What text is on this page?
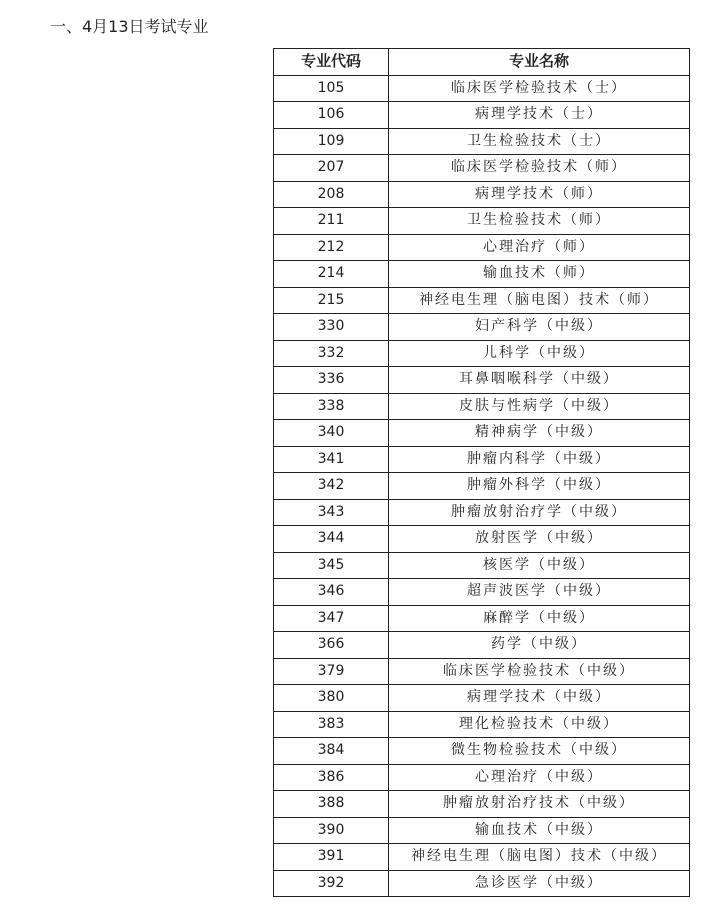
一、4月13日考试专业
专业代码	专业名称
105	临床医学检验技术（士）
106	病理学技术（士）
109	卫生检验技术（士）
207	临床医学检验技术（师）
208	病理学技术（师）
211	卫生检验技术（师）
212	心理治疗（师）
214	输血技术（师）
215	神经电生理（脑电图）技术（师）
330	妇产科学（中级）
332	儿科学（中级）
336	耳鼻咽喉科学（中级）
338	皮肤与性病学（中级）
340	精神病学（中级）
341	肿瘤内科学（中级）
342	肿瘤外科学（中级）
343	肿瘤放射治疗学（中级）
344	放射医学（中级）
345	核医学（中级）
346	超声波医学（中级）
347	麻醉学（中级）
366	药学（中级）
379	临床医学检验技术（中级）
380	病理学技术（中级）
383	理化检验技术（中级）
384	微生物检验技术（中级）
386	心理治疗（中级）
388	肿瘤放射治疗技术（中级）
390	输血技术（中级）
391	神经电生理（脑电图）技术（中级）
392	急诊医学（中级）
